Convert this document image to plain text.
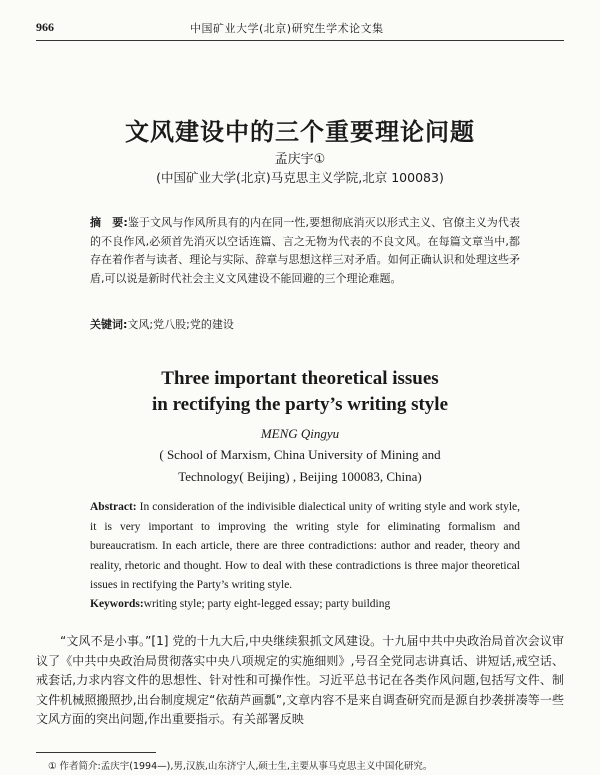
966	中国矿业大学(北京)研究生学术论文集
文风建设中的三个重要理论问题
孟庆宇①
(中国矿业大学(北京)马克思主义学院,北京 100083)
摘　要:鉴于文风与作风所具有的内在同一性,要想彻底消灭以形式主义、官僚主义为代表的不良作风,必须首先消灭以空话连篇、言之无物为代表的不良文风。在每篇文章当中,都存在着作者与读者、理论与实际、辞章与思想这样三对矛盾。如何正确认识和处理这些矛盾,可以说是新时代社会主义文风建设不能回避的三个理论难题。
关键词:文风;党八股;党的建设
Three important theoretical issues
in rectifying the party’s writing style
MENG Qingyu
( School of Marxism, China University of Mining and
Technology( Beijing) , Beijing 100083, China)
Abstract: In consideration of the indivisible dialectical unity of writing style and work style, it is very important to improving the writing style for eliminating formalism and bureaucratism. In each article, there are three contradictions: author and reader, theory and reality, rhetoric and thought. How to deal with these contradictions is three major theoretical issues in rectifying the Party’s writing style.
Keywords:writing style; party eight-legged essay; party building
“文风不是小事。”[1] 党的十九大后,中央继续狠抓文风建设。十九届中共中央政治局首次会议审议了《中共中央政治局贯彻落实中央八项规定的实施细则》,号召全党同志讲真话、讲短话,戒空话、戒套话,力求内容文件的思想性、针对性和可操作性。习近平总书记在各类作风问题,包括写文件、制文件机械照搬照抄,出台制度规定“依葫芦画瓢”,文章内容不是来自调查研究而是源自抄袭拼凑等一些文风方面的突出问题,作出重要指示。有关部署反映
① 作者简介:孟庆宇(1994—),男,汉族,山东济宁人,硕士生,主要从事马克思主义中国化研究。
